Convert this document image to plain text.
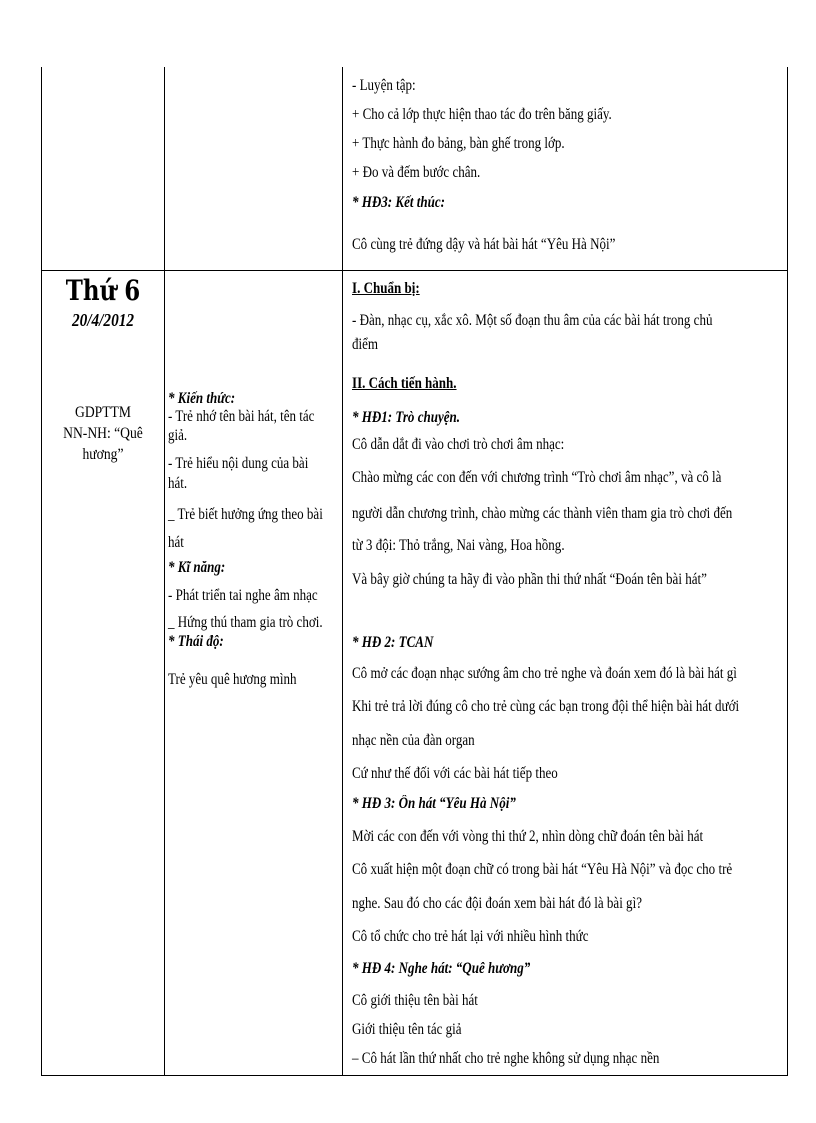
- Luyện tập:
+ Cho cả lớp thực hiện thao tác đo trên băng giấy.
+ Thực hành đo bảng, bàn ghế trong lớp.
+ Đo và đếm bước chân.
* HĐ3: Kết thúc:
Cô cùng trẻ đứng dậy và hát bài hát “Yêu Hà Nội”
Thứ 6
20/4/2012
GDPTTM
NN-NH: “Quê
hương”
* Kiến thức:
- Trẻ nhớ tên bài hát, tên tác
giả.
- Trẻ hiểu nội dung của bài
hát.
_ Trẻ biết hưởng ứng theo bài
hát
* Kĩ năng:
- Phát triển tai nghe âm nhạc
_ Hứng thú tham gia trò chơi.
* Thái độ:
Trẻ yêu quê hương mình
I. Chuẩn bị:
- Đàn, nhạc cụ, xắc xô. Một số đoạn thu âm của các bài hát trong chủ
điểm
II. Cách tiến hành.
* HĐ1: Trò chuyện.
Cô dẫn dắt đi vào chơi trò chơi âm nhạc:
Chào mừng các con đến với chương trình “Trò chơi âm nhạc”, và cô là
người dẫn chương trình, chào mừng các thành viên tham gia trò chơi đến
từ 3 đội: Thỏ trắng, Nai vàng, Hoa hồng.
Và bây giờ chúng ta hãy đi vào phần thi thứ nhất “Đoán tên bài hát”
* HĐ 2: TCAN
Cô mở các đoạn nhạc sướng âm cho trẻ nghe và đoán xem đó là bài hát gì
Khi trẻ trả lời đúng cô cho trẻ cùng các bạn trong đội thể hiện bài hát dưới
nhạc nền của đàn organ
Cứ như thế đối với các bài hát tiếp theo
* HĐ 3: Ôn hát “Yêu Hà Nội”
Mời các con đến với vòng thi thứ 2, nhìn dòng chữ đoán tên bài hát
Cô xuất hiện một đoạn chữ có trong bài hát “Yêu Hà Nội” và đọc cho trẻ
nghe. Sau đó cho các đội đoán xem bài hát đó là bài gì?
Cô tổ chức cho trẻ hát lại với nhiều hình thức
* HĐ 4: Nghe hát: “Quê hương”
Cô giới thiệu tên bài hát
Giới thiệu tên tác giả
– Cô hát lần thứ nhất cho trẻ nghe không sử dụng nhạc nền
